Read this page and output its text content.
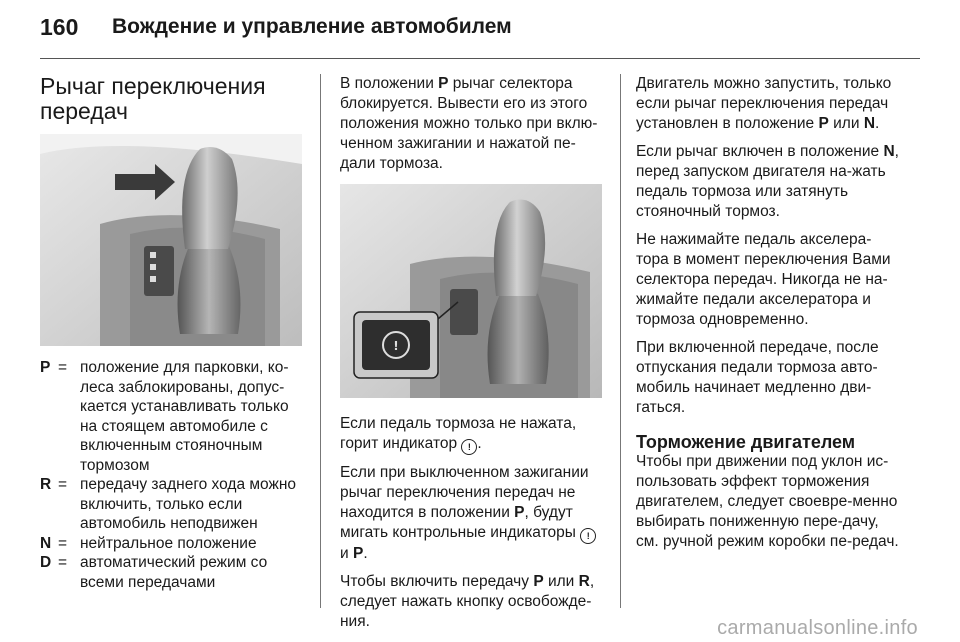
160 Вождение и управление автомобилем
Рычаг переключения передач
P = положение для парковки, ко-леса заблокированы, допус-кается устанавливать только на стоящем автомобиле с включенным стояночным тормозом
R = передачу заднего хода можно включить, только если автомобиль неподвижен
N = нейтральное положение
D = автоматический режим со всеми передачами

В положении P рычаг селектора блокируется. Вывести его из этого положения можно только при вклю-ченном зажигании и нажатой пе-дали тормоза.

!

Если педаль тормоза не нажата, горит индикатор ! .

Если при выключенном зажигании рычаг переключения передач не находится в положении P, будут мигать контрольные индикаторы ! и P.

Чтобы включить передачу P или R, следует нажать кнопку освобожде-ния.

Двигатель можно запустить, только если рычаг переключения передач установлен в положение P или N.

Если рычаг включен в положение N, перед запуском двигателя на-жать педаль тормоза или затянуть стояночный тормоз.

Не нажимайте педаль акселера-тора в момент переключения Вами селектора передач. Никогда не на-жимайте педали акселератора и тормоза одновременно.

При включенной передаче, после отпускания педали тормоза авто-мобиль начинает медленно дви-гаться.

Торможение двигателем

Чтобы при движении под уклон ис-пользовать эффект торможения двигателем, следует своевре-менно выбирать пониженную пере-дачу, см. ручной режим коробки пе-редач.

carmanualsonline.info
